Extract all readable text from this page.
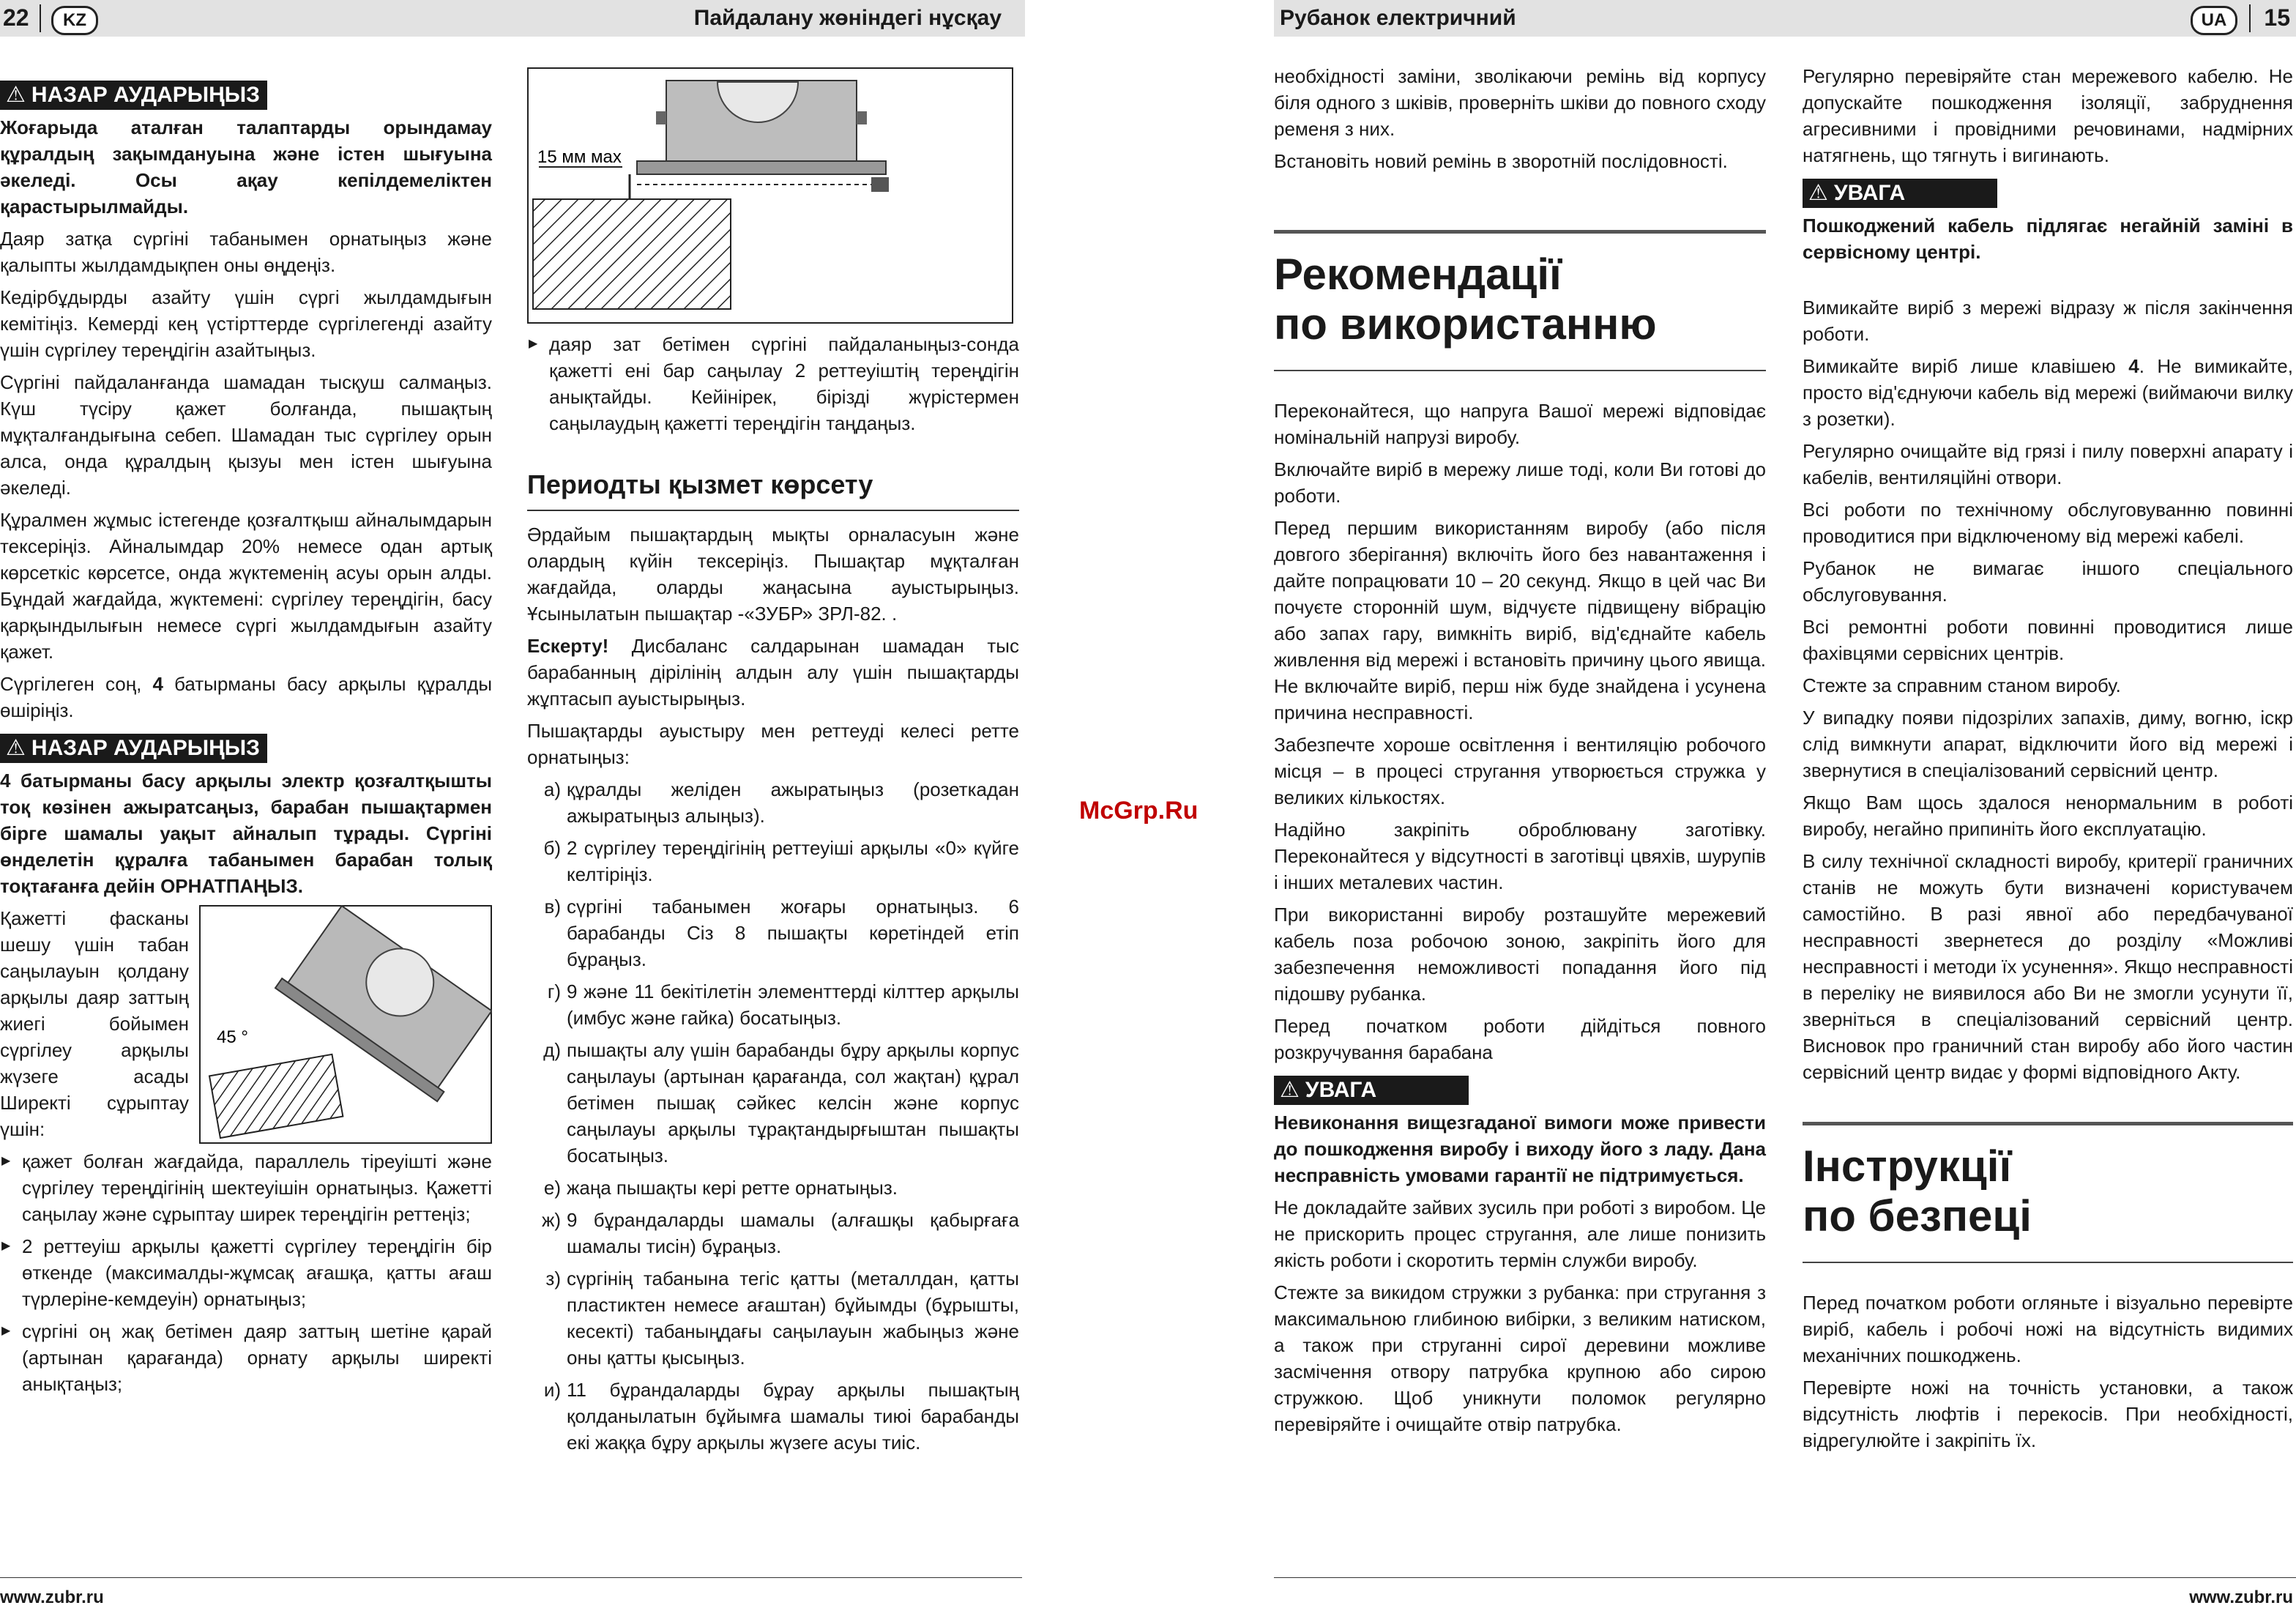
22	KZ	Пайдалану жөніндегі нұсқау
⚠ НАЗАР АУДАРЫҢЫЗ

Жоғарыда аталған талаптарды орындамау құралдың зақымдануына және істен шығуына әкеледі. Осы ақау кепілдемеліктен қарастырылмайды.

Даяр затқа сүргіні табанымен орнатыңыз және қалыпты жылдамдықпен оны өңдеңіз.

Кедірбұдырды азайту үшін сүргі жылдамдығын кемітіңіз. Кемерді кең үстірттерде сүргілегенді азайту үшін сүргілеу тереңдігін азайтыңыз.

Сүргіні пайдаланғанда шамадан тысқуш салмаңыз. Күш түсіру қажет болғанда, пышақтың мұқталғандығына себеп. Шамадан тыс сүргілеу орын алса, онда құралдың қызуы мен істен шығуына әкеледі.

Құралмен жұмыс істегенде қозғалтқыш айналымдарын тексеріңіз. Айналымдар 20% немесе одан артық көрсеткіс көрсетсе, онда жүктеменің асуы орын алды. Бұндай жағдайда, жүктемені: сүргілеу тереңдігін, басу қарқындылығын немесе сүргі жылдамдығын азайту қажет.

Сүргілеген соң, 4 батырманы басу арқылы құралды өшіріңіз.

⚠ НАЗАР АУДАРЫҢЫЗ

4 батырманы басу арқылы электр қозғалтқышты тоқ көзінен ажыратсаңыз, барабан пышақтармен бірге шамалы уақыт айналып тұрады. Сүргіні өнделетін құралға табанымен барабан толық тоқтағанға дейін ОРНАТПАҢЫЗ.

45 °

Қажетті фасканы шешу үшін табан саңылауын қолдану арқылы даяр заттың жиегі бойымен сүргілеу арқылы жүзеге асады Ширекті сұрыптау үшін:

▶ қажет болған жағдайда, параллель тіреуішті және сүргілеу тереңдігінің шектеуішін орнатыңыз. Қажетті саңылау және сұрыптау ширек тереңдігін реттеңіз;
▶ 2 реттеуіш арқылы қажетті сүргілеу тереңдігін бір өткенде (максималды-жұмсақ ағашқа, қатты ағаш түрлеріне-кемдеуін) орнатыңыз;
▶ сүргіні оң жақ бетімен даяр заттың шетіне қарай (артынан қарағанда) орнату арқылы ширекті анықтаңыз;
15 мм мах
▶ даяр зат бетімен сүргіні пайдаланыңыз-сонда қажетті ені бар саңылау 2 реттеуіштің тереңдігін анықтайды. Кейінірек, бірізді жүрістермен саңылаудың қажетті тереңдігін таңдаңыз.
Периодты қызмет көрсету

Әрдайым пышақтардың мықты орналасуын және олардың күйін тексеріңіз. Пышақтар мұқталған жағдайда, оларды жаңасына ауыстырыңыз. Ұсынылатын пышақтар -«ЗУБР» ЗРЛ-82. .

Ескерту! Дисбаланс салдарынан шамадан тыс барабанның дірілінің алдын алу үшін пышақтарды жұптасып ауыстырыңыз.

Пышақтарды ауыстыру мен реттеудi келесі ретте орнатыңыз:

а) құралды желіден ажыратыңыз (розеткадан ажыратыңыз алыңыз).
б) 2 сүргілеу тереңдігінің реттеуіші арқылы «0» күйге келтіріңіз.
в) сүргіні табанымен жоғары орнатыңыз. 6 барабанды Сіз 8 пышақты көретіндей етіп бұраңыз.
г) 9 және 11 бекітілетін элементтерді кілттер арқылы (имбус және гайка) босатыңыз.
д) пышақты алу үшін барабанды бұру арқылы корпус саңылауы (артынан қарағанда, сол жақтан) құрал бетімен пышақ сәйкес келсін және корпус саңылауы арқылы тұрақтандырғыштан пышақты босатыңыз.
е) жаңа пышақты кері ретте орнатыңыз.
ж) 9 бұрандаларды шамалы (алғашқы қабырғаға шамалы тисін) бұраңыз.
з) сүргінің табанына тегіс қатты (металлдан, қатты пластиктен немесе ағаштан) бұйымды (бұрышты, кесекті) табаныңдағы саңылауын жабыңыз және оны қатты қысыңыз.
и) 11 бұрандаларды бұрау арқылы пышақтың қолданылатын бұйымға шамалы тиюі барабанды екі жаққа бұру арқылы жүзеге асуы тиіс.
www.zubr.ru
McGrp.Ru
Рубанок електричний	UA	15

необхідності заміни, зволікаючи ремінь від корпусу біля одного з шківів, проверніть шківи до повного сходу ременя з них.

Встановіть новий ремінь в зворотній послідовності.

Рекомендації
по використанню

Переконайтеся, що напруга Вашої мережі відповідає номінальній напрузі виробу.

Включайте виріб в мережу лише тоді, коли Ви готові до роботи.

Перед першим використанням виробу (або після довгого зберігання) включіть його без навантаження і дайте попрацювати 10 – 20 секунд. Якщо в цей час Ви почуєте сторонній шум, відчуєте підвищену вібрацію або запах гару, вимкніть виріб, від'єднайте кабель живлення від мережі і встановіть причину цього явища. Не включайте виріб, перш ніж буде знайдена і усунена причина несправності.

Забезпечте хороше освітлення і вентиляцію робочого місця – в процесі стругання утворюється стружка у великих кількостях.

Надійно закріпіть оброблювану заготівку. Переконайтеся у відсутності в заготівці цвяхів, шурупів і інших металевих частин.

При використанні виробу розташуйте мережевий кабель поза робочою зоною, закріпіть його для забезпечення неможливості попадання його під підошву рубанка.

Перед початком роботи дійдіться повного розкручування барабана

⚠ УВАГА

Невиконання вищезгаданої вимоги може привести до пошкодження виробу і виходу його з ладу. Дана несправність умовами гарантії не підтримується.

Не докладайте зайвих зусиль при роботі з виробом. Це не прискорить процес стругання, але лише понизить якість роботи і скоротить термін служби виробу.

Стежте за викидом стружки з рубанка: при стругання з максимальною глибиною вибірки, з великим натиском, а також при струганні сирої деревини можливе засмічення отвору патрубка крупною або сирою стружкою. Щоб уникнути поломок регулярно перевіряйте і очищайте отвір патрубка.

Регулярно перевіряйте стан мережевого кабелю. Не допускайте пошкодження ізоляції, забруднення агресивними і провідними речовинами, надмірних натягнень, що тягнуть і вигинають.

⚠ УВАГА

Пошкоджений кабель підлягає негайній заміні в сервісному центрі.

Вимикайте виріб з мережі відразу ж після закінчення роботи.

Вимикайте виріб лише клавішею 4. Не вимикайте, просто від'єднуючи кабель від мережі (виймаючи вилку з розетки).

Регулярно очищайте від грязі і пилу поверхні апарату і кабелів, вентиляційні отвори.

Всі роботи по технічному обслуговуванню повинні проводитися при відключеному від мережі кабелі.

Рубанок не вимагає іншого спеціального обслуговування.

Всі ремонтні роботи повинні проводитися лише фахівцями сервісних центрів.

Стежте за справним станом виробу.

У випадку появи підозрілих запахів, диму, вогню, іскр слід вимкнути апарат, відключити його від мережі і звернутися в спеціалізований сервісний центр.

Якщо Вам щось здалося ненормальним в роботі виробу, негайно припиніть його експлуатацію.

В силу технічної складності виробу, критерії граничних станів не можуть бути визначені користувачем самостійно. В разі явної або передбачуваної несправності звернетеся до розділу «Можливі несправності і методи їх усунення». Якщо несправності в переліку не виявилося або Ви не змогли усунути її, зверніться в спеціалізований сервісний центр. Висновок про граничний стан виробу або його частин сервісний центр видає у формі відповідного Акту.

Інструкції
по безпеці

Перед початком роботи огляньте і візуально перевірте виріб, кабель і робочі ножі на відсутність видимих механічних пошкоджень.

Перевірте ножі на точність установки, а також відсутність люфтів і перекосів. При необхідності, відрегулюйте і закріпіть їх.

www.zubr.ru
